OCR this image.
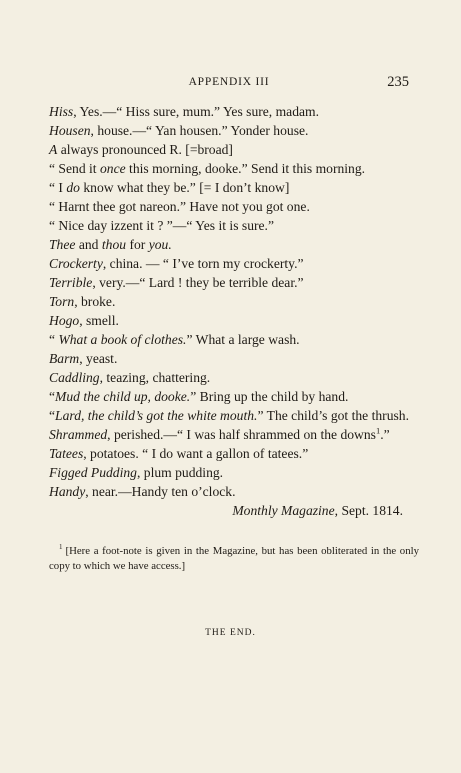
APPENDIX III	235

Hiss, Yes.—“ Hiss sure, mum.” Yes sure, madam.

Housen, house.—“ Yan housen.” Yonder house.

A always pronounced R. [=broad]

“ Send it once this morning, dooke.” Send it this morning.

“ I do know what they be.” [= I don’t know]

“ Harnt thee got nareon.” Have not you got one.

“ Nice day izzent it ? ”—“ Yes it is sure.”

Thee and thou for you.

Crockerty, china. — “ I’ve torn my crockerty.”

Terrible, very.—“ Lard ! they be terrible dear.”

Torn, broke.

Hogo, smell.

“ What a book of clothes.” What a large wash.

Barm, yeast.

Caddling, teazing, chattering.

“Mud the child up, dooke.” Bring up the child by hand.

“Lard, the child’s got the white mouth.” The child’s got the thrush.

Shrammed, perished.—“ I was half shrammed on the downs$^1$.”

Tatees, potatoes. “ I do want a gallon of tatees.”

Figged Pudding, plum pudding.

Handy, near.—Handy ten o’clock.

Monthly Magazine, Sept. 1814.

$^1$ [Here a foot-note is given in the Magazine, but has been obliterated in the only copy to which we have access.]
THE END.
